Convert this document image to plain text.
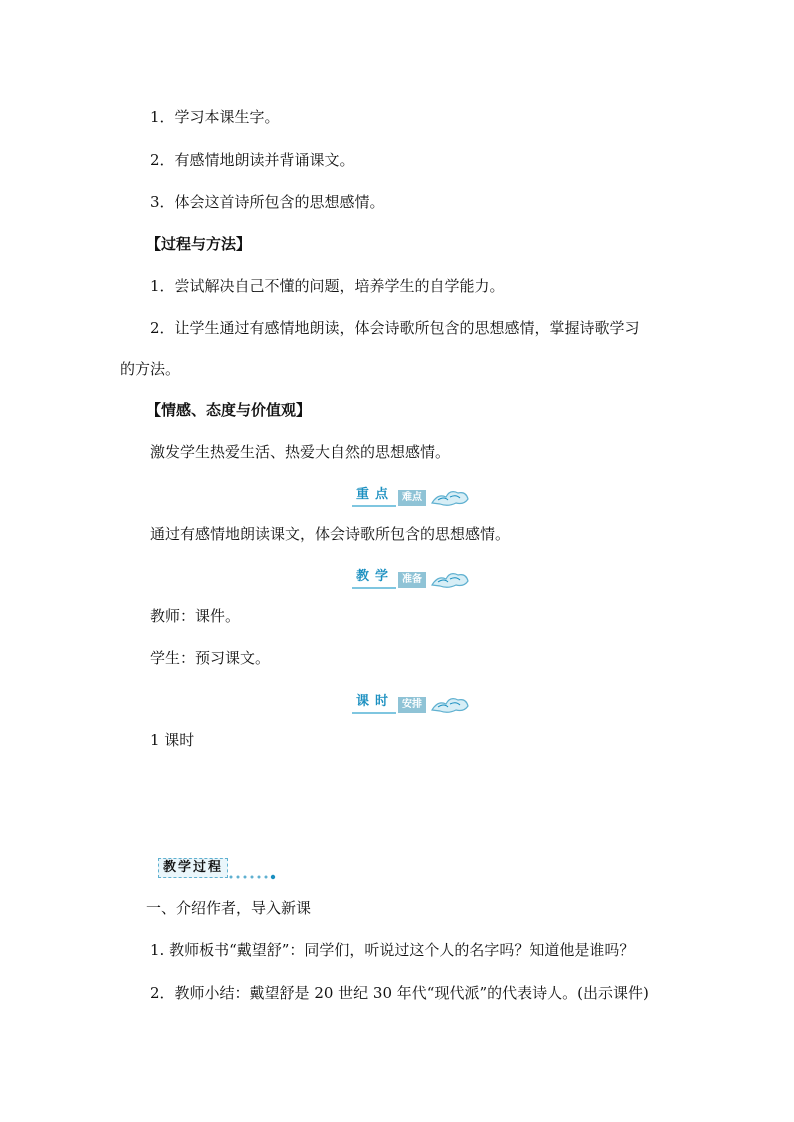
1．学习本课生字。
2．有感情地朗读并背诵课文。
3．体会这首诗所包含的思想感情。
【过程与方法】
1．尝试解决自己不懂的问题，培养学生的自学能力。
2．让学生通过有感情地朗读，体会诗歌所包含的思想感情，掌握诗歌学习
的方法。
【情感、态度与价值观】
激发学生热爱生活、热爱大自然的思想感情。
重点 难点
通过有感情地朗读课文，体会诗歌所包含的思想感情。
教学 准备
教师：课件。
学生：预习课文。
课时 安排
1 课时
教学过程
一、介绍作者，导入新课
1. 教师板书“戴望舒”：同学们，听说过这个人的名字吗？知道他是谁吗？
2．教师小结：戴望舒是 20 世纪 30 年代“现代派”的代表诗人。(出示课件)
